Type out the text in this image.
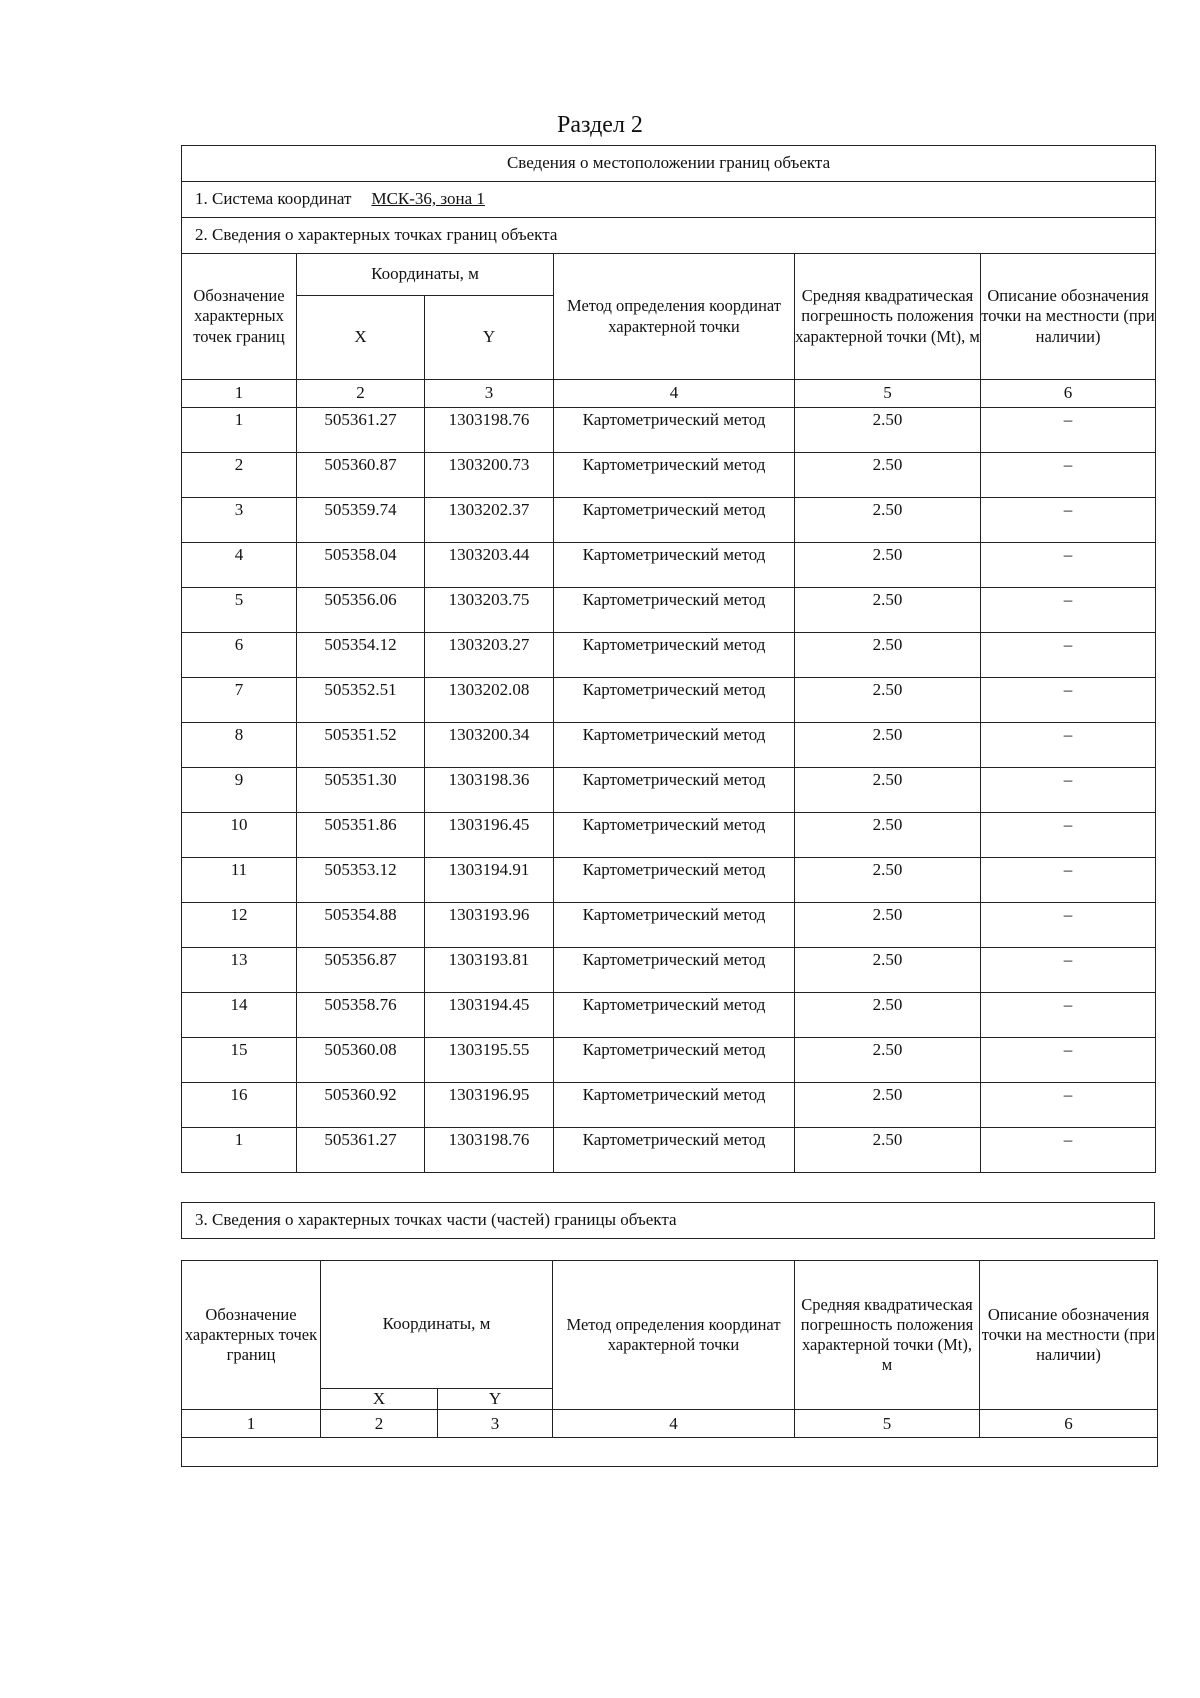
Раздел 2
Сведения о местоположении границ объекта					
1. Система координат МСК-36, зона 1					
2. Сведения о характерных точках границ объекта					
Обозначение характерных точек границ	Координаты, м		Метод определения координат характерной точки	Средняя квадратическая погрешность положения характерной точки (Mt), м	Описание обозначения точки на местности (при наличии)
	X	Y			
1	2	3	4	5	6
1	505361.27	1303198.76	Картометрический метод	2.50	–
2	505360.87	1303200.73	Картометрический метод	2.50	–
3	505359.74	1303202.37	Картометрический метод	2.50	–
4	505358.04	1303203.44	Картометрический метод	2.50	–
5	505356.06	1303203.75	Картометрический метод	2.50	–
6	505354.12	1303203.27	Картометрический метод	2.50	–
7	505352.51	1303202.08	Картометрический метод	2.50	–
8	505351.52	1303200.34	Картометрический метод	2.50	–
9	505351.30	1303198.36	Картометрический метод	2.50	–
10	505351.86	1303196.45	Картометрический метод	2.50	–
11	505353.12	1303194.91	Картометрический метод	2.50	–
12	505354.88	1303193.96	Картометрический метод	2.50	–
13	505356.87	1303193.81	Картометрический метод	2.50	–
14	505358.76	1303194.45	Картометрический метод	2.50	–
15	505360.08	1303195.55	Картометрический метод	2.50	–
16	505360.92	1303196.95	Картометрический метод	2.50	–
1	505361.27	1303198.76	Картометрический метод	2.50	–
3. Сведения о характерных точках части (частей) границы объекта
Обозначение характерных точек границ	Координаты, м		Метод определения координат характерной точки	Средняя квадратическая погрешность положения характерной точки (Mt), м	Описание обозначения точки на местности (при наличии)
	X	Y			
1	2	3	4	5	6
